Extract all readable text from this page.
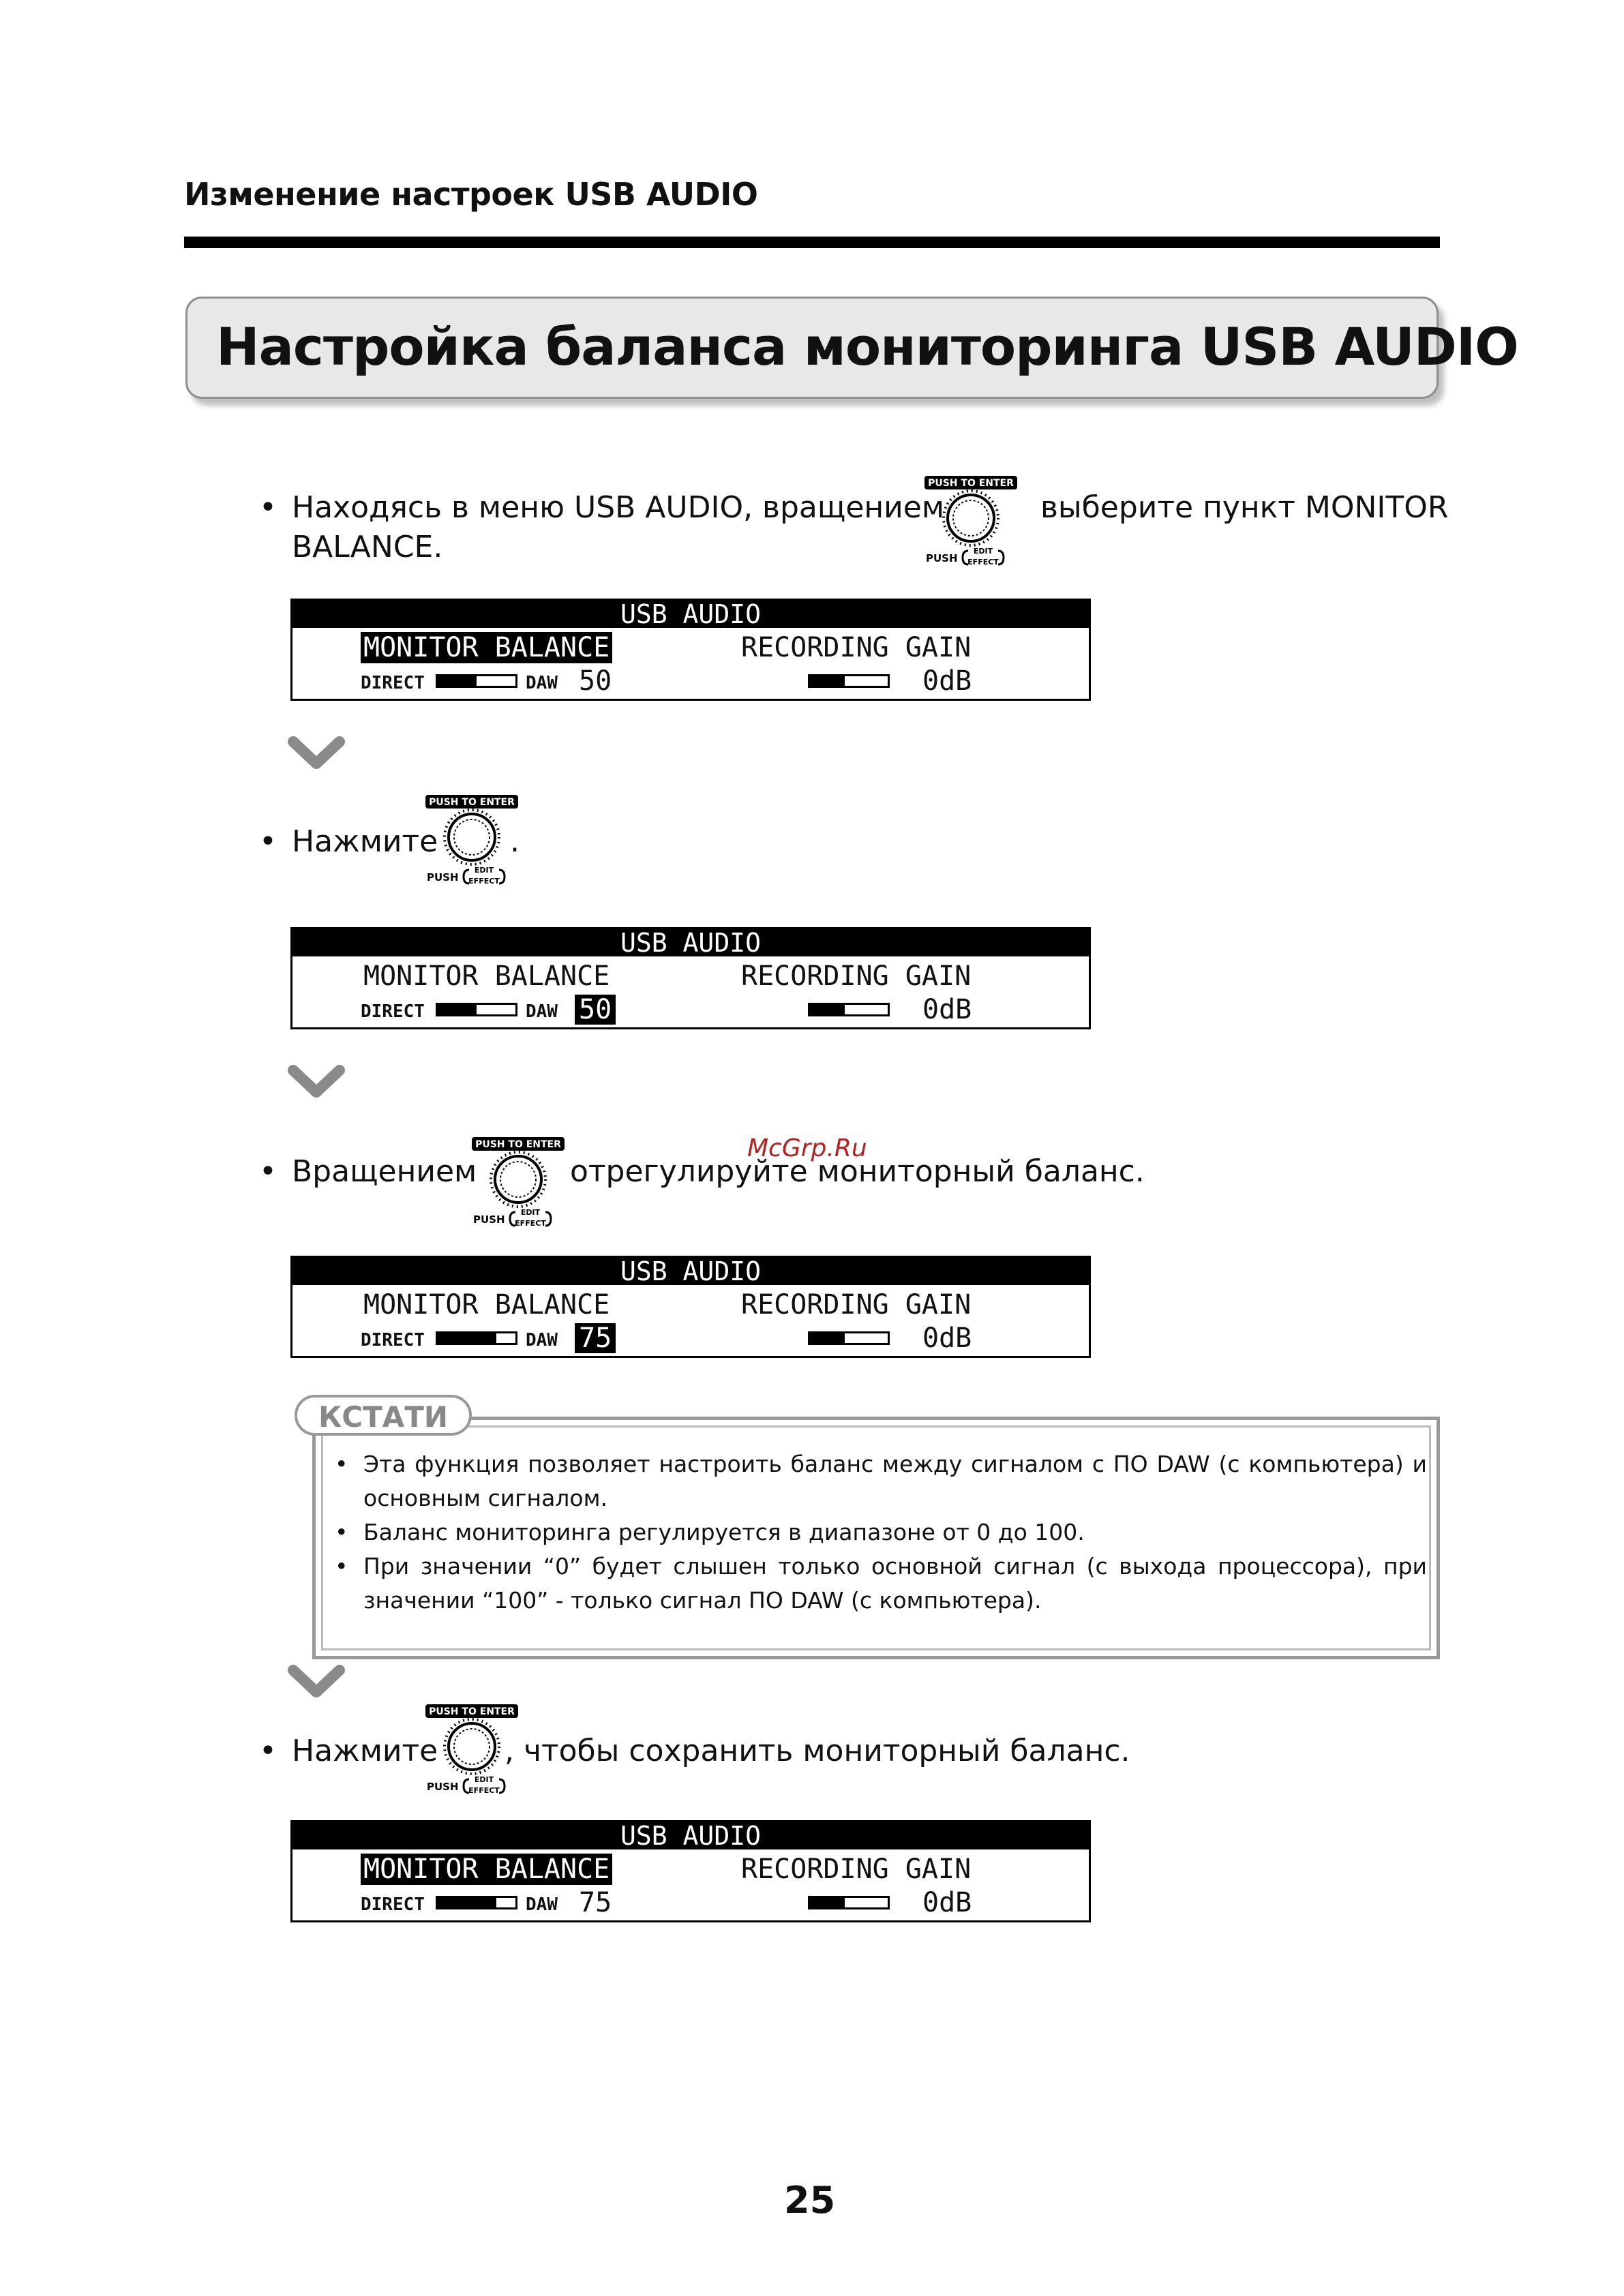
Изменение настроек USB AUDIO
Настройка баланса мониторинга USB AUDIO
• Находясь в меню USB AUDIO, вращением	выберите пункт MONITOR
BALANCE.
PUSH TO ENTER
PUSH
EDIT
EFFECT
USB AUDIO
MONITOR BALANCE	RECORDING GAIN
DIRECT	DAW 50	0dB
• Нажмите .
PUSH TO ENTER
PUSH
EDIT
EFFECT
USB AUDIO
MONITOR BALANCE	RECORDING GAIN
DIRECT	DAW 50	0dB
• Вращением	отрегулируйте мониторный баланс.
PUSH TO ENTER
PUSH
EDIT
EFFECT
McGrp.Ru
USB AUDIO
MONITOR BALANCE	RECORDING GAIN
DIRECT	DAW 75	0dB
• Эта функция позволяет настроить баланс между сигналом с ПО DAW (с компьютера) и основным сигналом.
• Баланс мониторинга регулируется в диапазоне от 0 до 100.
• При значении “0” будет слышен только основной сигнал (с выхода процессора), при значении “100” - только сигнал ПО DAW (с компьютера).
КСТАТИ
• Нажмите , чтобы сохранить мониторный баланс.
PUSH TO ENTER
PUSH
EDIT
EFFECT
USB AUDIO
MONITOR BALANCE	RECORDING GAIN
DIRECT	DAW 75	0dB
25
